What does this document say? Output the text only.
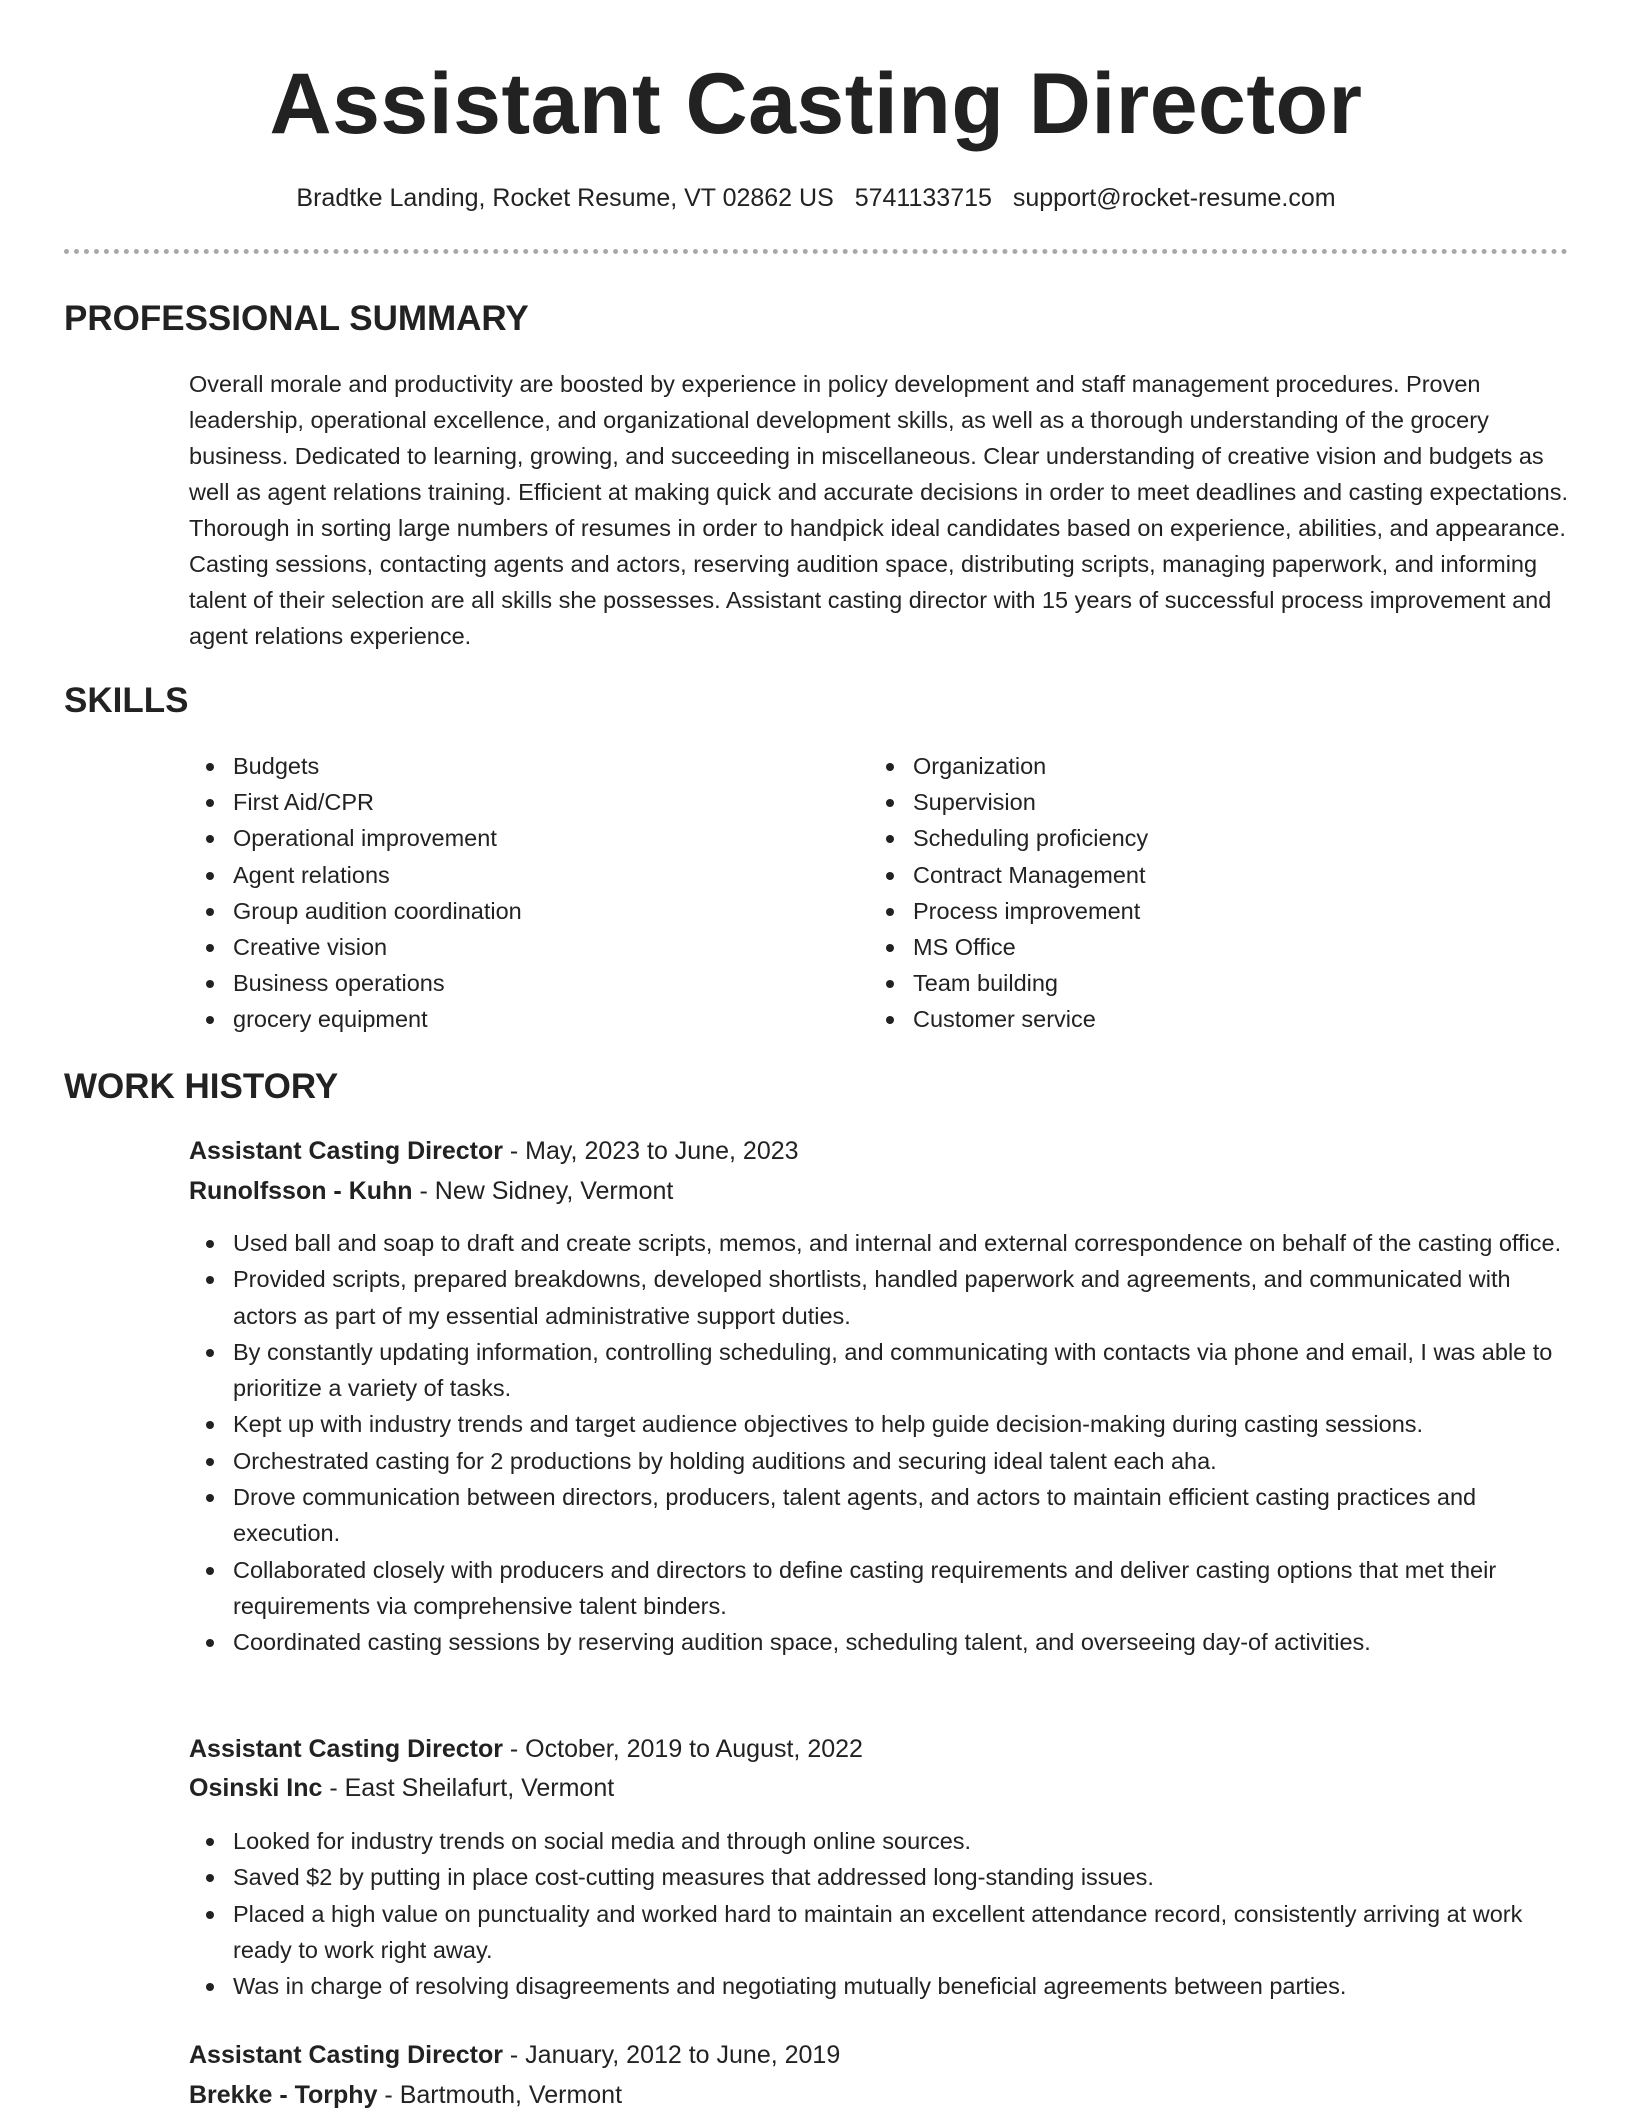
Assistant Casting Director
Bradtke Landing, Rocket Resume, VT 02862 US 5741133715 support@rocket-resume.com
PROFESSIONAL SUMMARY

Overall morale and productivity are boosted by experience in policy development and staff management procedures. Proven leadership, operational excellence, and organizational development skills, as well as a thorough understanding of the grocery business. Dedicated to learning, growing, and succeeding in miscellaneous. Clear understanding of creative vision and budgets as well as agent relations training. Efficient at making quick and accurate decisions in order to meet deadlines and casting expectations. Thorough in sorting large numbers of resumes in order to handpick ideal candidates based on experience, abilities, and appearance. Casting sessions, contacting agents and actors, reserving audition space, distributing scripts, managing paperwork, and informing talent of their selection are all skills she possesses. Assistant casting director with 15 years of successful process improvement and agent relations experience.

SKILLS
Budgets
First Aid/CPR
Operational improvement
Agent relations
Group audition coordination
Creative vision
Business operations
grocery equipment
Organization
Supervision
Scheduling proficiency
Contract Management
Process improvement
MS Office
Team building
Customer service
WORK HISTORY
Assistant Casting Director - May, 2023 to June, 2023
Runolfsson - Kuhn - New Sidney, Vermont
Used ball and soap to draft and create scripts, memos, and internal and external correspondence on behalf of the casting office.
Provided scripts, prepared breakdowns, developed shortlists, handled paperwork and agreements, and communicated with actors as part of my essential administrative support duties.
By constantly updating information, controlling scheduling, and communicating with contacts via phone and email, I was able to prioritize a variety of tasks.
Kept up with industry trends and target audience objectives to help guide decision-making during casting sessions.
Orchestrated casting for 2 productions by holding auditions and securing ideal talent each aha.
Drove communication between directors, producers, talent agents, and actors to maintain efficient casting practices and execution.
Collaborated closely with producers and directors to define casting requirements and deliver casting options that met their requirements via comprehensive talent binders.
Coordinated casting sessions by reserving audition space, scheduling talent, and overseeing day-of activities.
Assistant Casting Director - October, 2019 to August, 2022
Osinski Inc - East Sheilafurt, Vermont
Looked for industry trends on social media and through online sources.
Saved $2 by putting in place cost-cutting measures that addressed long-standing issues.
Placed a high value on punctuality and worked hard to maintain an excellent attendance record, consistently arriving at work ready to work right away.
Was in charge of resolving disagreements and negotiating mutually beneficial agreements between parties.
Assistant Casting Director - January, 2012 to June, 2019
Brekke - Torphy - Bartmouth, Vermont
